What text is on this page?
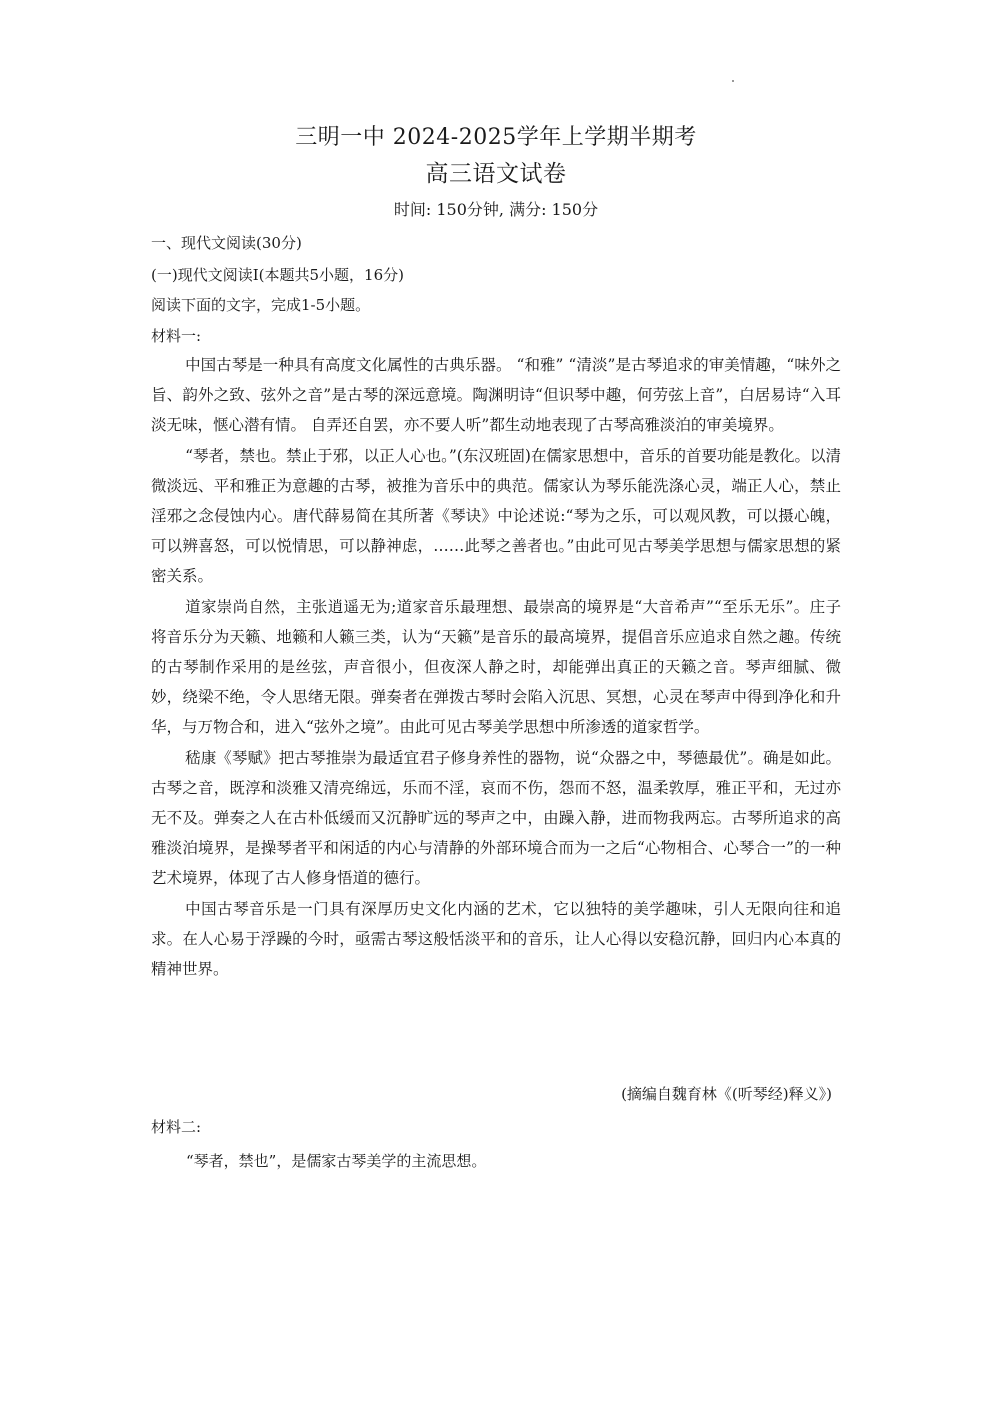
三明一中 2024-2025学年上学期半期考
高三语文试卷
时间: 150分钟, 满分: 150分
一、现代文阅读(30分)
(一)现代文阅读Ⅰ(本题共5小题，16分)
阅读下面的文字，完成1-5小题。
材料一:

中国古琴是一种具有高度文化属性的古典乐器。 “和雅” “清淡”是古琴追求的审美情趣，“味外之旨、韵外之致、弦外之音”是古琴的深远意境。陶渊明诗“但识琴中趣，何劳弦上音”，白居易诗“入耳淡无味，惬心潜有情。 自弄还自罢，亦不要人听”都生动地表现了古琴高雅淡泊的审美境界。

“琴者，禁也。禁止于邪，以正人心也。”(东汉班固)在儒家思想中，音乐的首要功能是教化。以清微淡远、平和雅正为意趣的古琴，被推为音乐中的典范。儒家认为琴乐能洗涤心灵，端正人心，禁止淫邪之念侵蚀内心。唐代薛易简在其所著《琴诀》中论述说:“琴为之乐，可以观风教，可以摄心魄，可以辨喜怒，可以悦情思，可以静神虑，……此琴之善者也。”由此可见古琴美学思想与儒家思想的紧密关系。

道家崇尚自然，主张逍遥无为;道家音乐最理想、最崇高的境界是“大音希声”“至乐无乐”。庄子将音乐分为天籁、地籁和人籁三类，认为“天籁”是音乐的最高境界，提倡音乐应追求自然之趣。传统的古琴制作采用的是丝弦，声音很小，但夜深人静之时，却能弹出真正的天籁之音。琴声细腻、微妙，绕梁不绝，令人思绪无限。弹奏者在弹拨古琴时会陷入沉思、冥想，心灵在琴声中得到净化和升华，与万物合和，进入“弦外之境”。由此可见古琴美学思想中所渗透的道家哲学。

嵇康《琴赋》把古琴推崇为最适宜君子修身养性的器物，说“众器之中，琴德最优”。确是如此。古琴之音，既淳和淡雅又清亮绵远，乐而不淫，哀而不伤，怨而不怒，温柔敦厚，雅正平和，无过亦无不及。弹奏之人在古朴低缓而又沉静旷远的琴声之中，由躁入静，进而物我两忘。古琴所追求的高雅淡泊境界，是操琴者平和闲适的内心与清静的外部环境合而为一之后“心物相合、心琴合一”的一种艺术境界，体现了古人修身悟道的德行。

中国古琴音乐是一门具有深厚历史文化内涵的艺术，它以独特的美学趣味，引人无限向往和追求。在人心易于浮躁的今时，亟需古琴这般恬淡平和的音乐，让人心得以安稳沉静，回归内心本真的精神世界。

(摘编自魏育林《(听琴经)释义》)
材料二:
“琴者，禁也”，是儒家古琴美学的主流思想。
